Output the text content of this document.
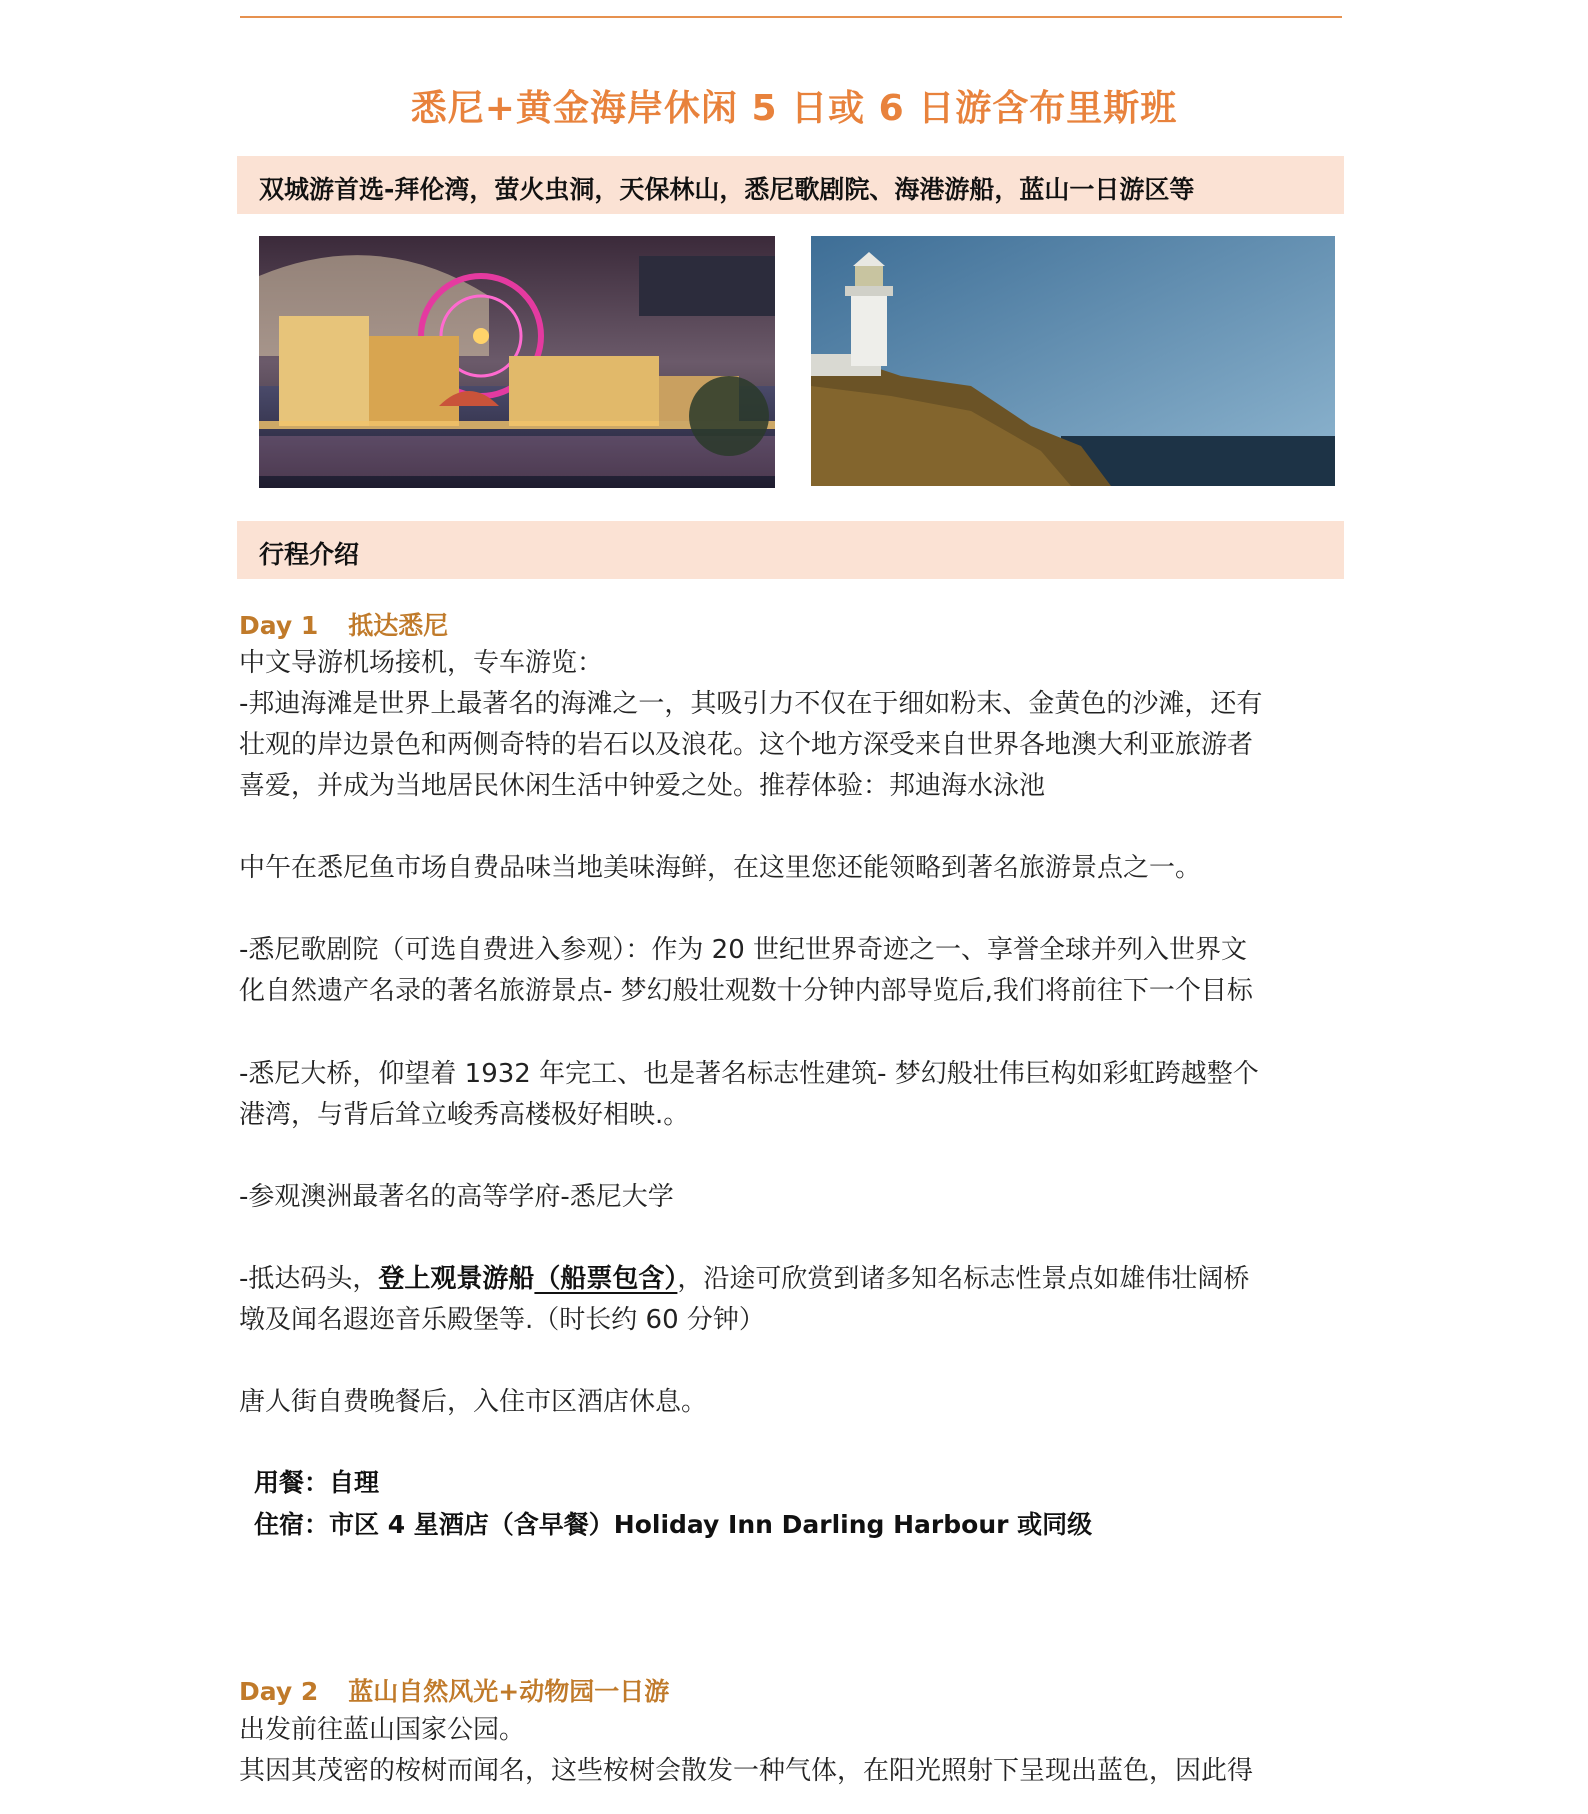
悉尼+黄金海岸休闲 5 日或 6 日游含布里斯班
双城游首选-拜伦湾，萤火虫洞，天保林山，悉尼歌剧院、海港游船，蓝山一日游区等
行程介绍
Day 1 抵达悉尼
中文导游机场接机，专车游览：
-邦迪海滩是世界上最著名的海滩之一，其吸引力不仅在于细如粉末、金黄色的沙滩，还有
壮观的岸边景色和两侧奇特的岩石以及浪花。这个地方深受来自世界各地澳大利亚旅游者
喜爱，并成为当地居民休闲生活中钟爱之处。推荐体验：邦迪海水泳池
中午在悉尼鱼市场自费品味当地美味海鲜，在这里您还能领略到著名旅游景点之一。
-悉尼歌剧院（可选自费进入参观）：作为 20 世纪世界奇迹之一、享誉全球并列入世界文
化自然遗产名录的著名旅游景点- 梦幻般壮观数十分钟内部导览后,我们将前往下一个目标
-悉尼大桥，仰望着 1932 年完工、也是著名标志性建筑- 梦幻般壮伟巨构如彩虹跨越整个
港湾，与背后耸立峻秀高楼极好相映.。
-参观澳洲最著名的高等学府-悉尼大学
-抵达码头，登上观景游船（船票包含），沿途可欣赏到诸多知名标志性景点如雄伟壮阔桥
墩及闻名遐迩音乐殿堡等.（时长约 60 分钟）
唐人街自费晚餐后，入住市区酒店休息。
用餐：自理
住宿：市区 4 星酒店（含早餐）Holiday Inn Darling Harbour 或同级
Day 2 蓝山自然风光+动物园一日游
出发前往蓝山国家公园。
其因其茂密的桉树而闻名，这些桉树会散发一种气体，在阳光照射下呈现出蓝色，因此得
